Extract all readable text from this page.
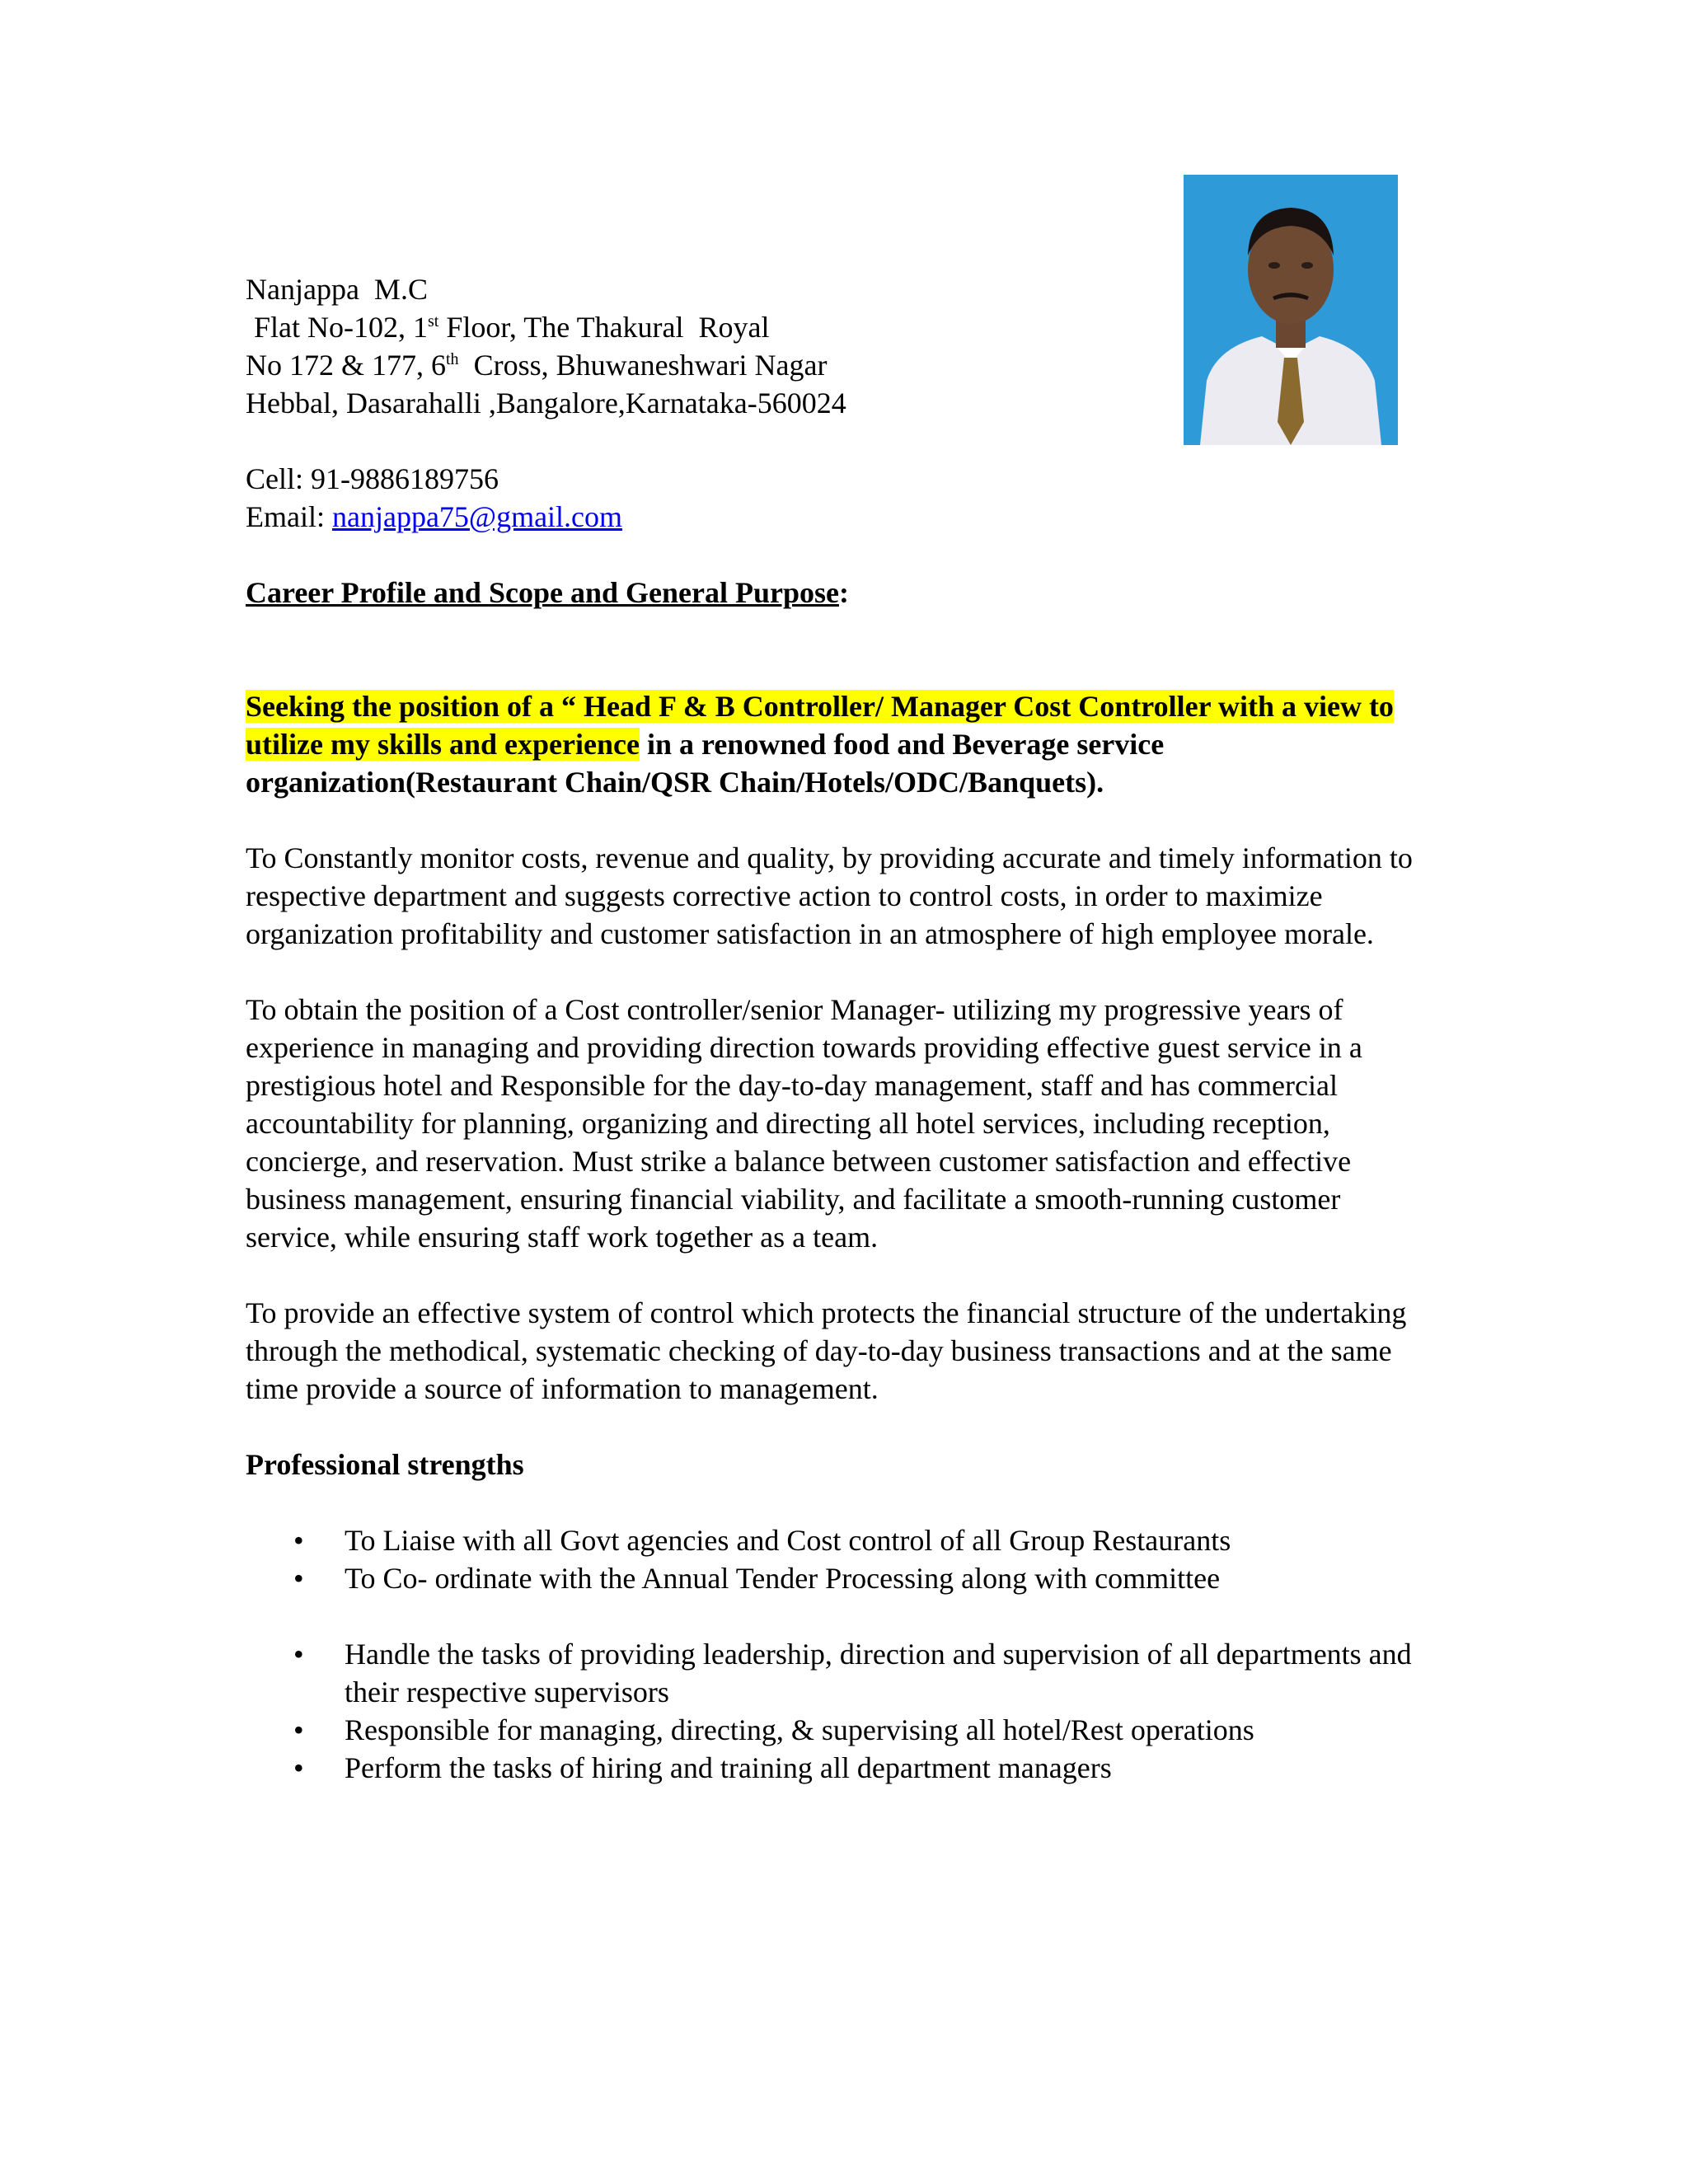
Nanjappa  M.C
Flat No-102, 1st Floor, The Thakural  Royal
No 172 & 177, 6th  Cross, Bhuwaneshwari Nagar
Hebbal, Dasarahalli ,Bangalore,Karnataka-560024
Cell: 91-9886189756
Email: nanjappa75@gmail.com
Career Profile and Scope and General Purpose:
Seeking the position of a “ Head F & B Controller/ Manager Cost Controller with a view to utilize my skills and experience in a renowned food and Beverage service organization(Restaurant Chain/QSR Chain/Hotels/ODC/Banquets).
To Constantly monitor costs, revenue and quality, by providing accurate and timely information to respective department and suggests corrective action to control costs, in order to maximize organization profitability and customer satisfaction in an atmosphere of high employee morale.
To obtain the position of a Cost controller/senior Manager- utilizing my progressive years of experience in managing and providing direction towards providing effective guest service in a prestigious hotel and Responsible for the day-to-day management, staff and has commercial accountability for planning, organizing and directing all hotel services, including reception, concierge, and reservation. Must strike a balance between customer satisfaction and effective business management, ensuring financial viability, and facilitate a smooth-running customer service, while ensuring staff work together as a team.
To provide an effective system of control which protects the financial structure of the undertaking through the methodical, systematic checking of day-to-day business transactions and at the same time provide a source of information to management.
Professional strengths
• To Liaise with all Govt agencies and Cost control of all Group Restaurants
• To Co- ordinate with the Annual Tender Processing along with committee
• Handle the tasks of providing leadership, direction and supervision of all departments and their respective supervisors
• Responsible for managing, directing, & supervising all hotel/Rest operations
• Perform the tasks of hiring and training all department managers
